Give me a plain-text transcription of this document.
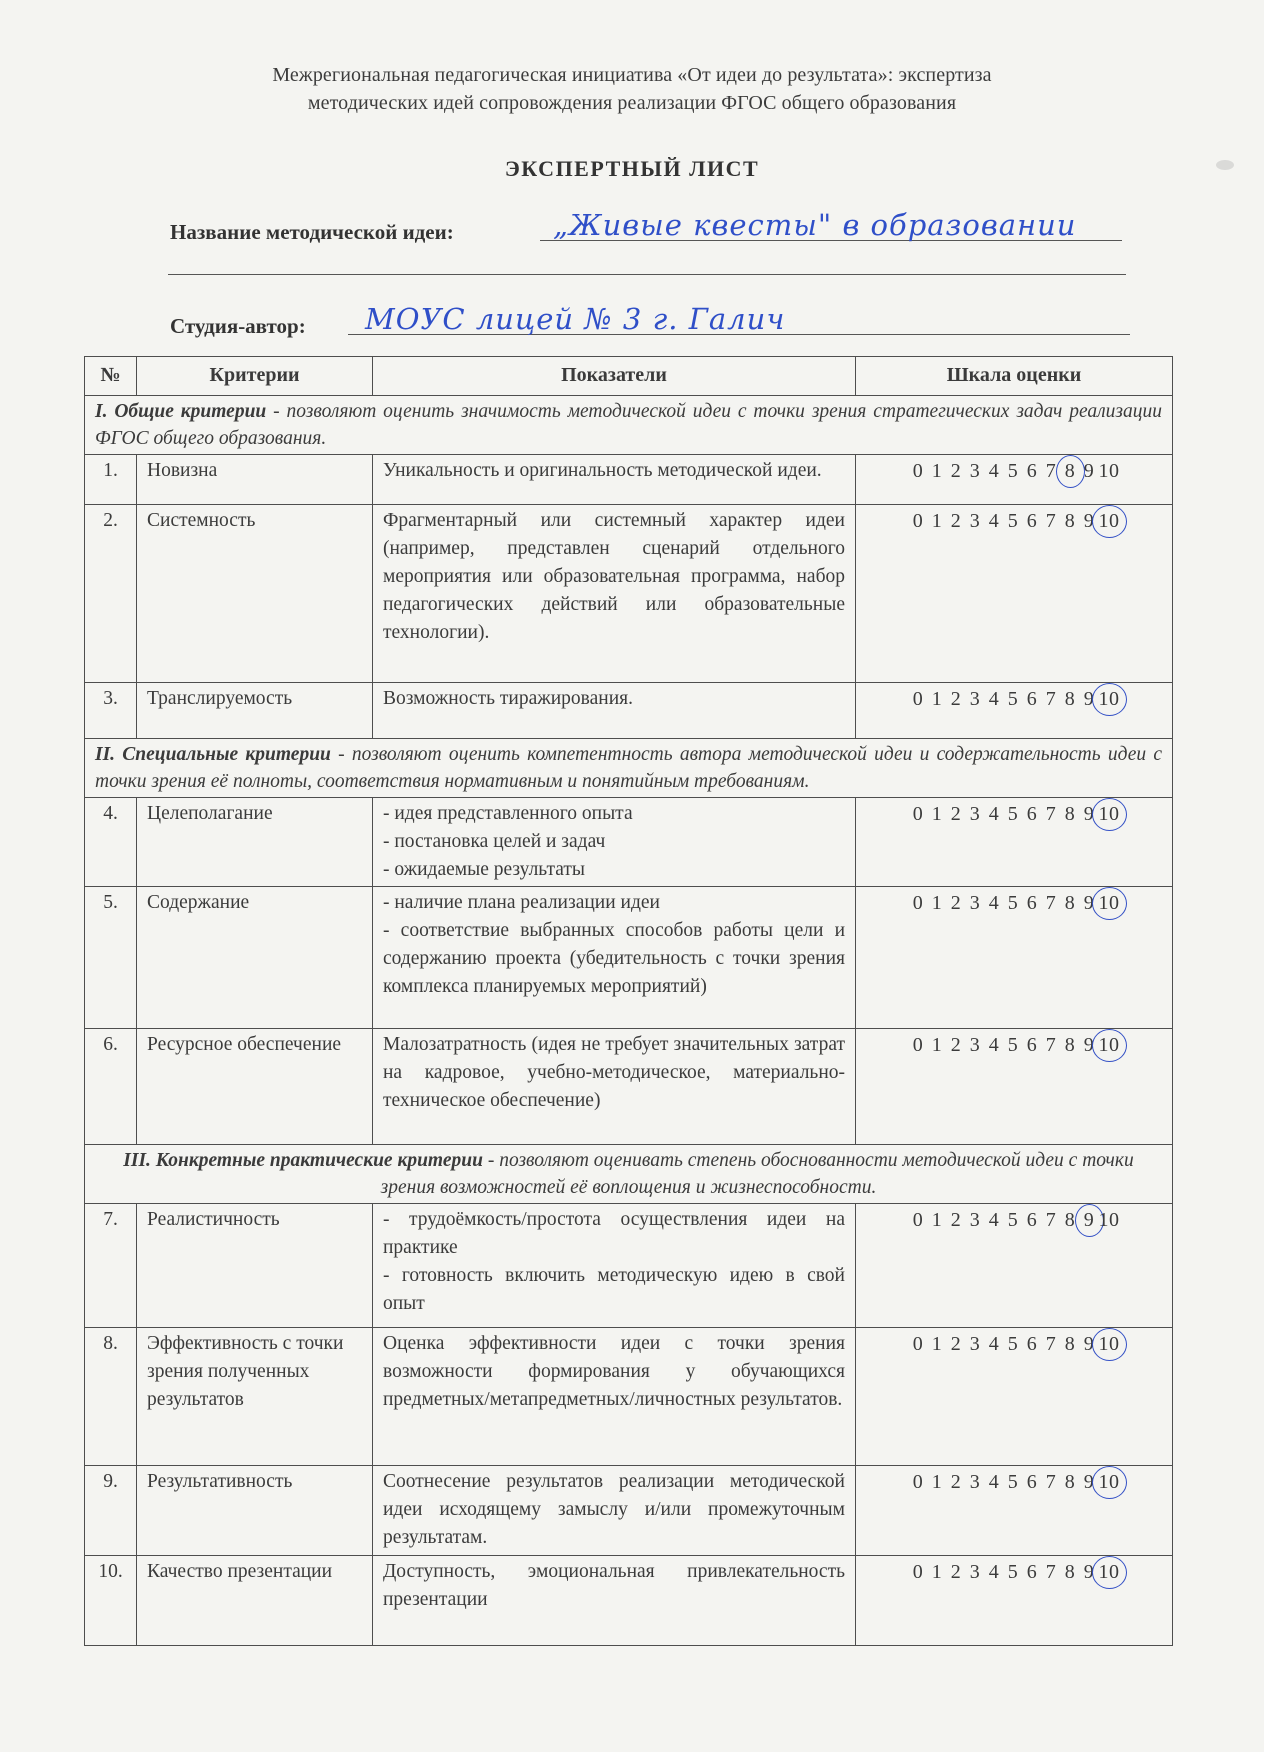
Межрегиональная педагогическая инициатива «От идеи до результата»: экспертиза
методических идей сопровождения реализации ФГОС общего образования
ЭКСПЕРТНЫЙ ЛИСТ
Название методической идеи:	„Живые квесты" в образовании
Студия-автор: МОУС лицей № 3 г. Галич
№	Критерии	Показатели	Шкала оценки
I. Общие критерии - позволяют оценить значимость методической идеи с точки зрения стратегических задач реализации ФГОС общего образования.			
1.	Новизна	Уникальность и оригинальность методической идеи.	0 1 2 3 4 5 6 7 8 9 10
2.	Системность	Фрагментарный или системный характер идеи (например, представлен сценарий отдельного мероприятия или образовательная программа, набор педагогических действий или образовательные технологии).	0 1 2 3 4 5 6 7 8 9 10
3.	Транслируемость	Возможность тиражирования.	0 1 2 3 4 5 6 7 8 9 10
II. Специальные критерии - позволяют оценить компетентность автора методической идеи и содержательность идеи с точки зрения её полноты, соответствия нормативным и понятийным требованиям.			
4.	Целеполагание	- идея представленного опыта
- постановка целей и задач
- ожидаемые результаты	0 1 2 3 4 5 6 7 8 9 10
5.	Содержание	- наличие плана реализации идеи
- соответствие выбранных способов работы цели и содержанию проекта (убедительность с точки зрения комплекса планируемых мероприятий)	0 1 2 3 4 5 6 7 8 9 10
6.	Ресурсное обеспечение	Малозатратность (идея не требует значительных затрат на кадровое, учебно-методическое, материально-техническое обеспечение)	0 1 2 3 4 5 6 7 8 9 10
III. Конкретные практические критерии - позволяют оценивать степень обоснованности методической идеи с точки зрения возможностей её воплощения и жизнеспособности.			
7.	Реалистичность	- трудоёмкость/простота осуществления идеи на практике
- готовность включить методическую идею в свой опыт	0 1 2 3 4 5 6 7 8 9 10
8.	Эффективность с точки зрения полученных результатов	Оценка эффективности идеи с точки зрения возможности формирования у обучающихся предметных/метапредметных/личностных результатов.	0 1 2 3 4 5 6 7 8 9 10
9.	Результативность	Соотнесение результатов реализации методической идеи исходящему замыслу и/или промежуточным результатам.	0 1 2 3 4 5 6 7 8 9 10
10.	Качество презентации	Доступность, эмоциональная привлекательность презентации	0 1 2 3 4 5 6 7 8 9 10
